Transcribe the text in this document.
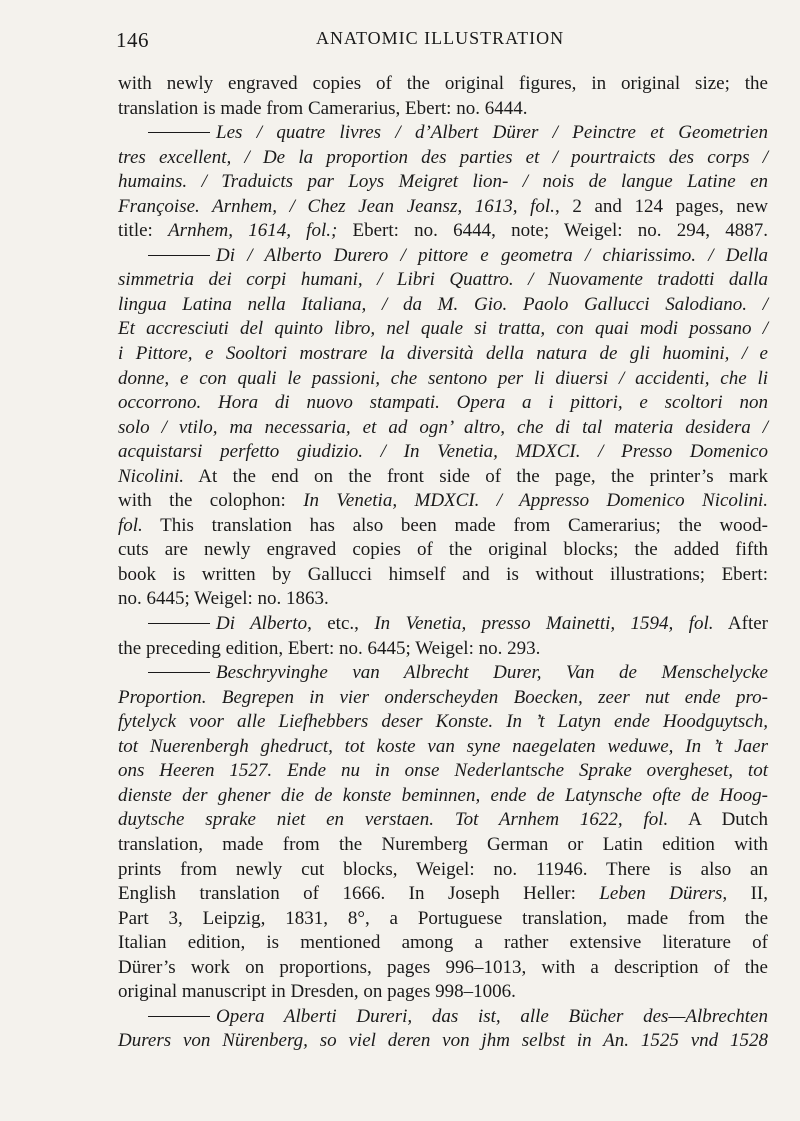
146	ANATOMIC ILLUSTRATION
with newly engraved copies of the original figures, in original size; the
translation is made from Camerarius, Ebert: no. 6444.
Les / quatre livres / d’Albert Dürer / Peinctre et Geometrien
tres excellent, / De la proportion des parties et / pourtraicts des corps /
humains. / Traduicts par Loys Meigret lion- / nois de langue Latine en
Françoise. Arnhem, / Chez Jean Jeansz, 1613, fol., 2 and 124 pages, new
title: Arnhem, 1614, fol.; Ebert: no. 6444, note; Weigel: no. 294, 4887.
Di / Alberto Durero / pittore e geometra / chiarissimo. / Della
simmetria dei corpi humani, / Libri Quattro. / Nuovamente tradotti dalla
lingua Latina nella Italiana, / da M. Gio. Paolo Gallucci Salodiano. /
Et accresciuti del quinto libro, nel quale si tratta, con quai modi possano /
i Pittore, e Sooltori mostrare la diversità della natura de gli huomini, / e
donne, e con quali le passioni, che sentono per li diuersi / accidenti, che li
occorrono. Hora di nuovo stampati. Opera a i pittori, e scoltori non
solo / vtilo, ma necessaria, et ad ogn’ altro, che di tal materia desidera /
acquistarsi perfetto giudizio. / In Venetia, MDXCI. / Presso Domenico
Nicolini. At the end on the front side of the page, the printer’s mark
with the colophon: In Venetia, MDXCI. / Appresso Domenico Nicolini.
fol. This translation has also been made from Camerarius; the wood-
cuts are newly engraved copies of the original blocks; the added fifth
book is written by Gallucci himself and is without illustrations; Ebert:
no. 6445; Weigel: no. 1863.
Di Alberto, etc., In Venetia, presso Mainetti, 1594, fol. After
the preceding edition, Ebert: no. 6445; Weigel: no. 293.
Beschryvinghe van Albrecht Durer, Van de Menschelycke
Proportion. Begrepen in vier onderscheyden Boecken, zeer nut ende pro-
fytelyck voor alle Liefhebbers deser Konste. In ’t Latyn ende Hoodguytsch,
tot Nuerenbergh ghedruct, tot koste van syne naegelaten weduwe, In ’t Jaer
ons Heeren 1527. Ende nu in onse Nederlantsche Sprake overgheset, tot
dienste der ghener die de konste beminnen, ende de Latynsche ofte de Hoog-
duytsche sprake niet en verstaen. Tot Arnhem 1622, fol. A Dutch
translation, made from the Nuremberg German or Latin edition with
prints from newly cut blocks, Weigel: no. 11946. There is also an
English translation of 1666. In Joseph Heller: Leben Dürers, II,
Part 3, Leipzig, 1831, 8°, a Portuguese translation, made from the
Italian edition, is mentioned among a rather extensive literature of
Dürer’s work on proportions, pages 996–1013, with a description of the
original manuscript in Dresden, on pages 998–1006.
Opera Alberti Dureri, das ist, alle Bücher des—Albrechten
Durers von Nürenberg, so viel deren von jhm selbst in An. 1525 vnd 1528
